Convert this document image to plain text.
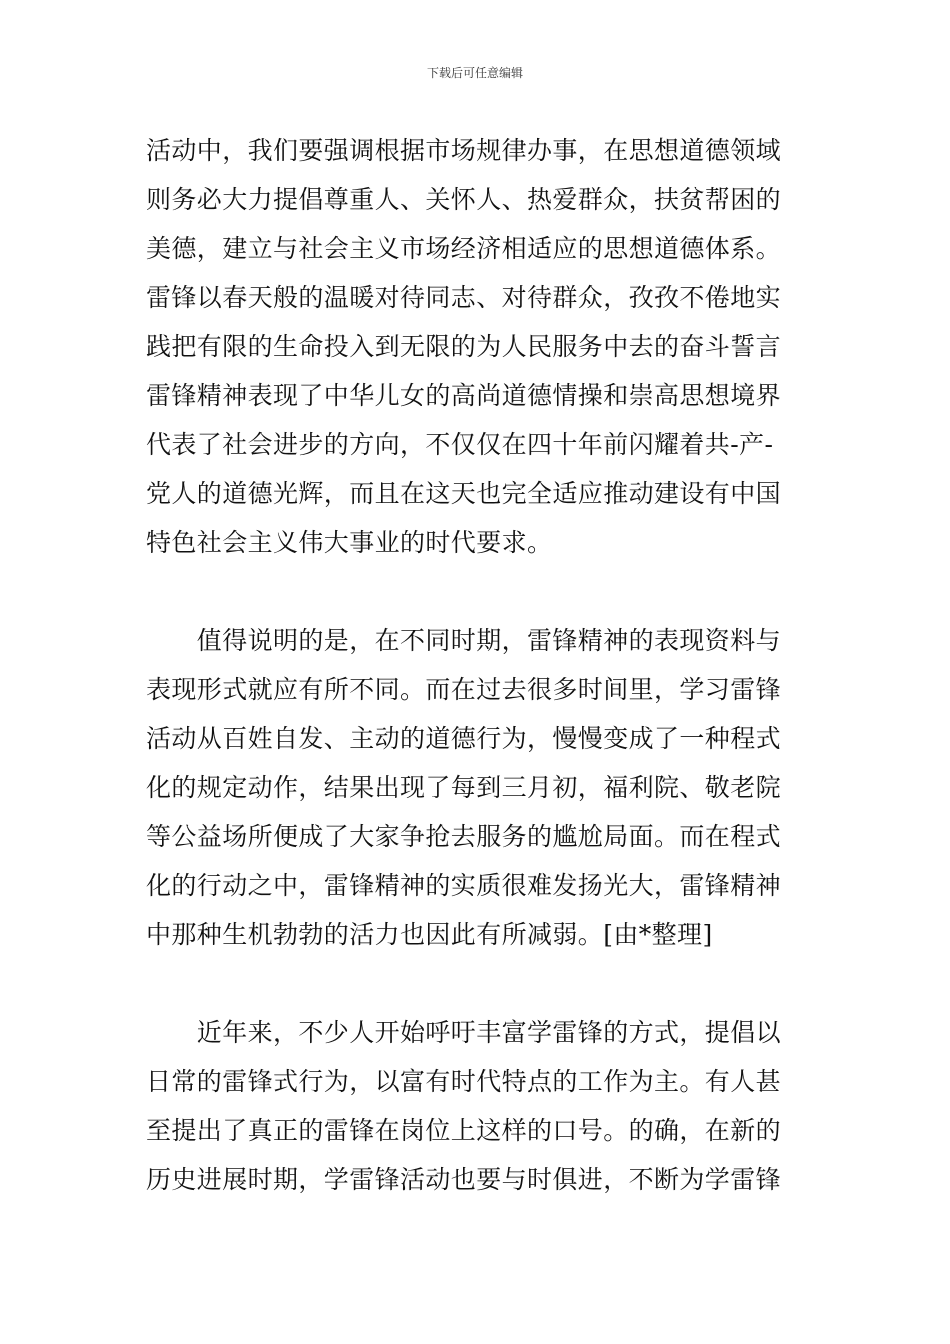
下载后可任意编辑
活动中，我们要强调根据市场规律办事，在思想道德领域
则务必大力提倡尊重人、关怀人、热爱群众，扶贫帮困的
美德，建立与社会主义市场经济相适应的思想道德体系。
雷锋以春天般的温暖对待同志、对待群众，孜孜不倦地实
践把有限的生命投入到无限的为人民服务中去的奋斗誓言
雷锋精神表现了中华儿女的高尚道德情操和崇高思想境界
代表了社会进步的方向，不仅仅在四十年前闪耀着共-产-
党人的道德光辉，而且在这天也完全适应推动建设有中国
特色社会主义伟大事业的时代要求。
　　值得说明的是，在不同时期，雷锋精神的表现资料与
表现形式就应有所不同。而在过去很多时间里，学习雷锋
活动从百姓自发、主动的道德行为，慢慢变成了一种程式
化的规定动作，结果出现了每到三月初，福利院、敬老院
等公益场所便成了大家争抢去服务的尴尬局面。而在程式
化的行动之中，雷锋精神的实质很难发扬光大，雷锋精神
中那种生机勃勃的活力也因此有所减弱。[由*整理]
　　近年来，不少人开始呼吁丰富学雷锋的方式，提倡以
日常的雷锋式行为，以富有时代特点的工作为主。有人甚
至提出了真正的雷锋在岗位上这样的口号。的确，在新的
历史进展时期，学雷锋活动也要与时俱进，不断为学雷锋
